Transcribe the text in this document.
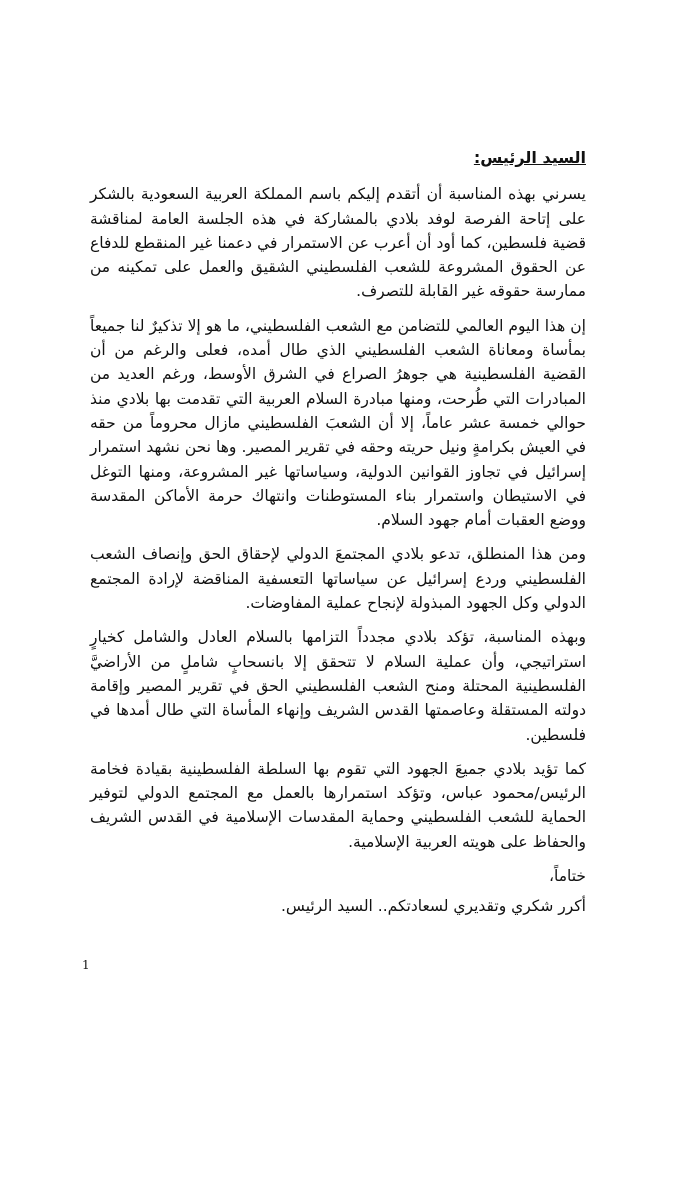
السيد الرئيس:

يسرني بهذه المناسبة أن أتقدم إليكم باسم المملكة العربية السعودية بالشكر على إتاحة الفرصة لوفد بلادي بالمشاركة في هذه الجلسة العامة لمناقشة قضية فلسطين، كما أود أن أعرب عن الاستمرار في دعمنا غير المنقطع للدفاع عن الحقوق المشروعة للشعب الفلسطيني الشقيق والعمل على تمكينه من ممارسة حقوقه غير القابلة للتصرف.

إن هذا اليوم العالمي للتضامن مع الشعب الفلسطيني، ما هو إلا تذكيرٌ لنا جميعاً بمأساة ومعاناة الشعب الفلسطيني الذي طال أمده، فعلى والرغم من أن القضية الفلسطينية هي جوهرُ الصراع في الشرق الأوسط، ورغم العديد من المبادرات التي طُرحت، ومنها مبادرة السلام العربية التي تقدمت بها بلادي منذ حوالي خمسة عشر عاماً، إلا أن الشعبَ الفلسطيني مازال محروماً من حقه في العيش بكرامةٍ ونيل حريته وحقه في تقرير المصير. وها نحن نشهد استمرار إسرائيل في تجاوز القوانين الدولية، وسياساتها غير المشروعة، ومنها التوغل في الاستيطان واستمرار بناء المستوطنات وانتهاك حرمة الأماكن المقدسة ووضع العقبات أمام جهود السلام.

ومن هذا المنطلق، تدعو بلادي المجتمعَ الدولي لإحقاق الحق وإنصاف الشعب الفلسطيني وردع إسرائيل عن سياساتها التعسفية المناقضة لإرادة المجتمع الدولي وكل الجهود المبذولة لإنجاح عملية المفاوضات.

وبهذه المناسبة، تؤكد بلادي مجدداً التزامها بالسلام العادل والشامل كخيارٍ استراتيجي، وأن عملية السلام لا تتحقق إلا بانسحابٍ شاملٍ من الأراضيَّ الفلسطينية المحتلة ومنح الشعب الفلسطيني الحق في تقرير المصير وإقامة دولته المستقلة وعاصمتها القدس الشريف وإنهاء المأساة التي طال أمدها في فلسطين.

كما تؤيد بلادي جميعَ الجهود التي تقوم بها السلطة الفلسطينية بقيادة فخامة الرئيس/محمود عباس، وتؤكد استمرارها بالعمل مع المجتمع الدولي لتوفير الحماية للشعب الفلسطيني وحماية المقدسات الإسلامية في القدس الشريف والحفاظ على هويته العربية الإسلامية.

ختاماً،

أكرر شكري وتقديري لسعادتكم.. السيد الرئيس.

1
